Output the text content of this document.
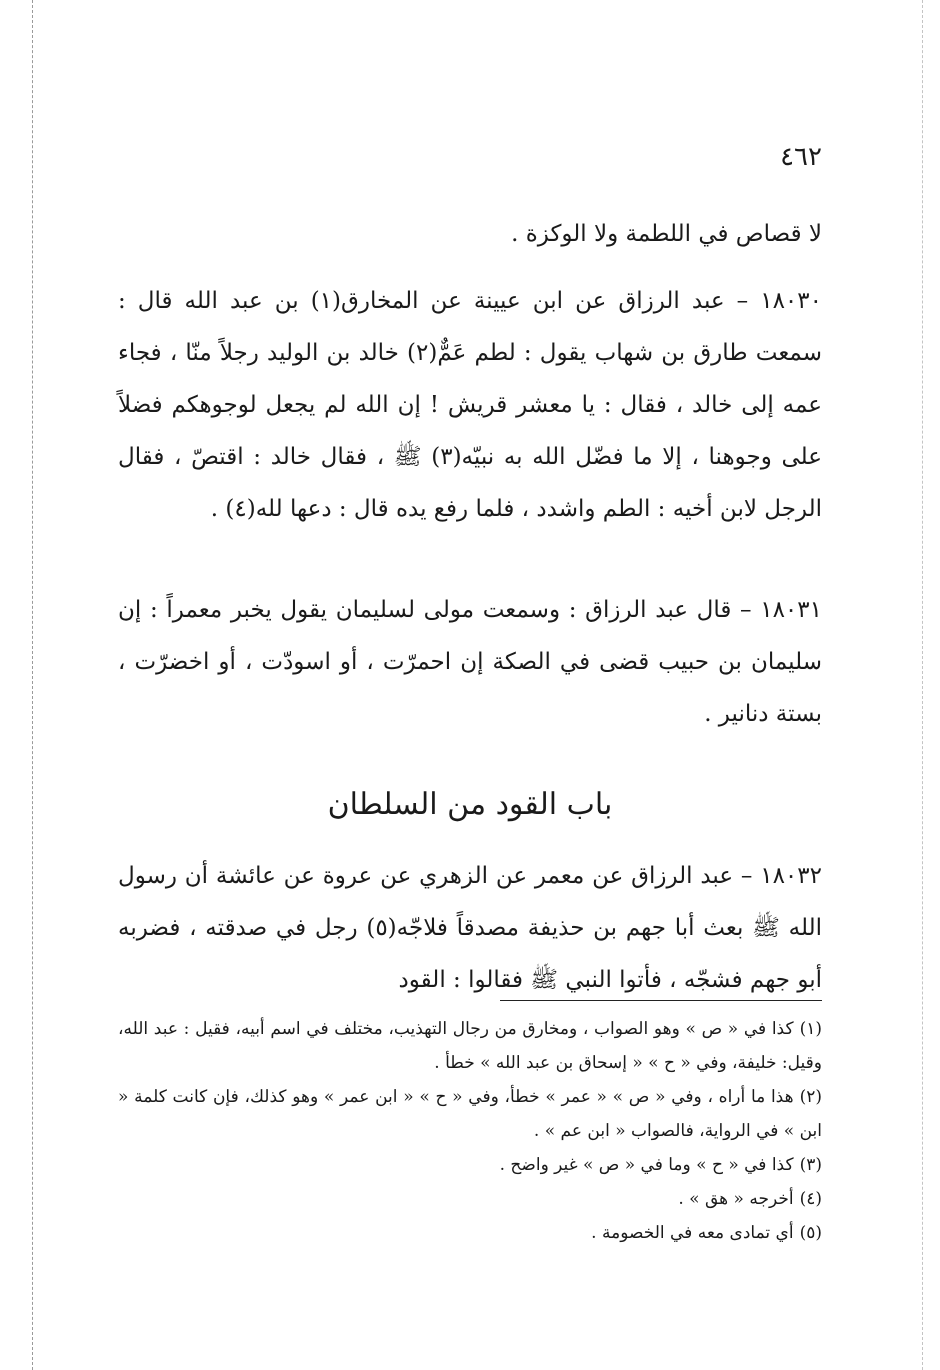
٤٦٢

لا قصاص في اللطمة ولا الوكزة .

١٨٠٣٠ – عبد الرزاق عن ابن عيينة عن المخارق(١) بن عبد الله قال : سمعت طارق بن شهاب يقول : لطم عَمٌّ(٢) خالد بن الوليد رجلاً منّا ، فجاء عمه إلى خالد ، فقال : يا معشر قريش ! إن الله لم يجعل لوجوهكم فضلاً على وجوهنا ، إلا ما فضّل الله به نبيّه(٣) ﷺ ، فقال خالد : اقتصّ ، فقال الرجل لابن أخيه : الطم واشدد ، فلما رفع يده قال : دعها لله(٤) .

١٨٠٣١ – قال عبد الرزاق : وسمعت مولى لسليمان يقول يخبر معمراً : إن سليمان بن حبيب قضى في الصكة إن احمرّت ، أو اسودّت ، أو اخضرّت ، بستة دنانير .

باب القود من السلطان

١٨٠٣٢ – عبد الرزاق عن معمر عن الزهري عن عروة عن عائشة أن رسول الله ﷺ بعث أبا جهم بن حذيفة مصدقاً فلاجّه(٥) رجل في صدقته ، فضربه أبو جهم فشجّه ، فأتوا النبي ﷺ فقالوا : القود

(١)كذا في « ص » وهو الصواب ، ومخارق من رجال التهذيب، مختلف في اسم أبيه، فقيل : عبد الله، وقيل: خليفة، وفي « ح » « إسحاق بن عبد الله » خطأ .

(٢)هذا ما أراه ، وفي « ص » « عمر » خطأ، وفي « ح » « ابن عمر » وهو كذلك، فإن كانت كلمة « ابن » في الرواية، فالصواب « ابن عم » .

(٣)كذا في « ح » وما في « ص » غير واضح .

(٤)أخرجه « هق » .

(٥)أي تمادى معه في الخصومة .
